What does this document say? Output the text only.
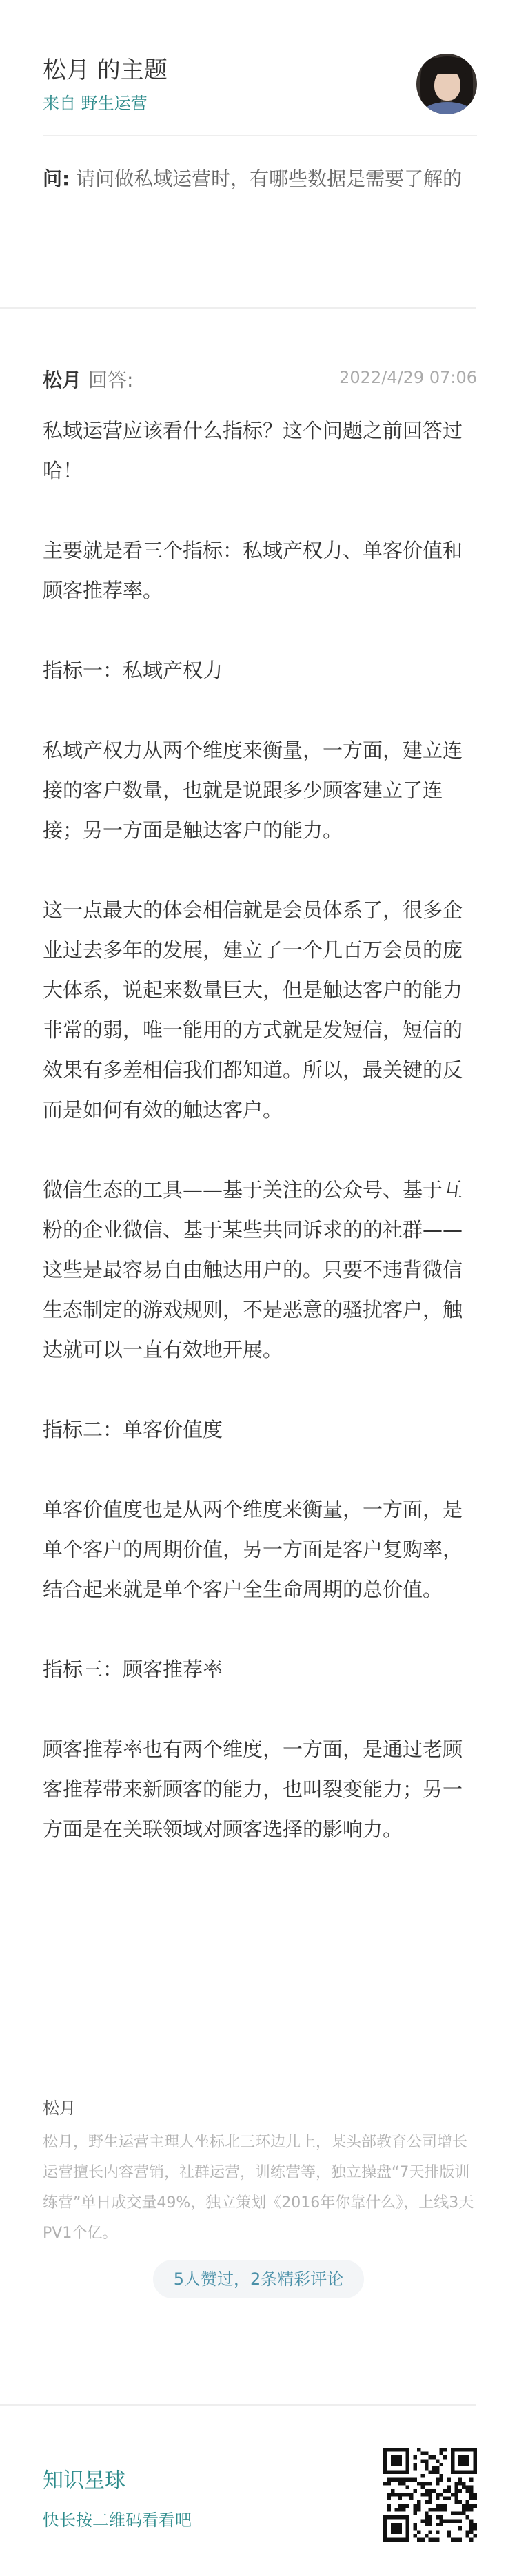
松月 的主题
来自 野生运营
问: 请问做私域运营时，有哪些数据是需要了解的
松月 回答:	2022/4/29 07:06

私域运营应该看什么指标？这个问题之前回答过哈！

主要就是看三个指标：私域产权力、单客价值和顾客推荐率。

指标一：私域产权力

私域产权力从两个维度来衡量，一方面，建立连接的客户数量，也就是说跟多少顾客建立了连接；另一方面是触达客户的能力。

这一点最大的体会相信就是会员体系了，很多企业过去多年的发展，建立了一个几百万会员的庞大体系，说起来数量巨大，但是触达客户的能力非常的弱，唯一能用的方式就是发短信，短信的效果有多差相信我们都知道。所以，最关键的反而是如何有效的触达客户。

微信生态的工具——基于关注的公众号、基于互粉的企业微信、基于某些共同诉求的的社群——这些是最容易自由触达用户的。只要不违背微信生态制定的游戏规则，不是恶意的骚扰客户，触达就可以一直有效地开展。

指标二：单客价值度

单客价值度也是从两个维度来衡量，一方面，是单个客户的周期价值，另一方面是客户复购率，结合起来就是单个客户全生命周期的总价值。

指标三：顾客推荐率

顾客推荐率也有两个维度，一方面，是通过老顾客推荐带来新顾客的能力，也叫裂变能力；另一方面是在关联领域对顾客选择的影响力。

松月
松月，野生运营主理人坐标北三环边儿上，某头部教育公司增长运营擅长内容营销，社群运营，训练营等，独立操盘“7天排版训练营”单日成交量49%，独立策划《2016年你靠什么》，上线3天PV1个亿。
5人赞过，2条精彩评论
知识星球
快长按二维码看看吧
